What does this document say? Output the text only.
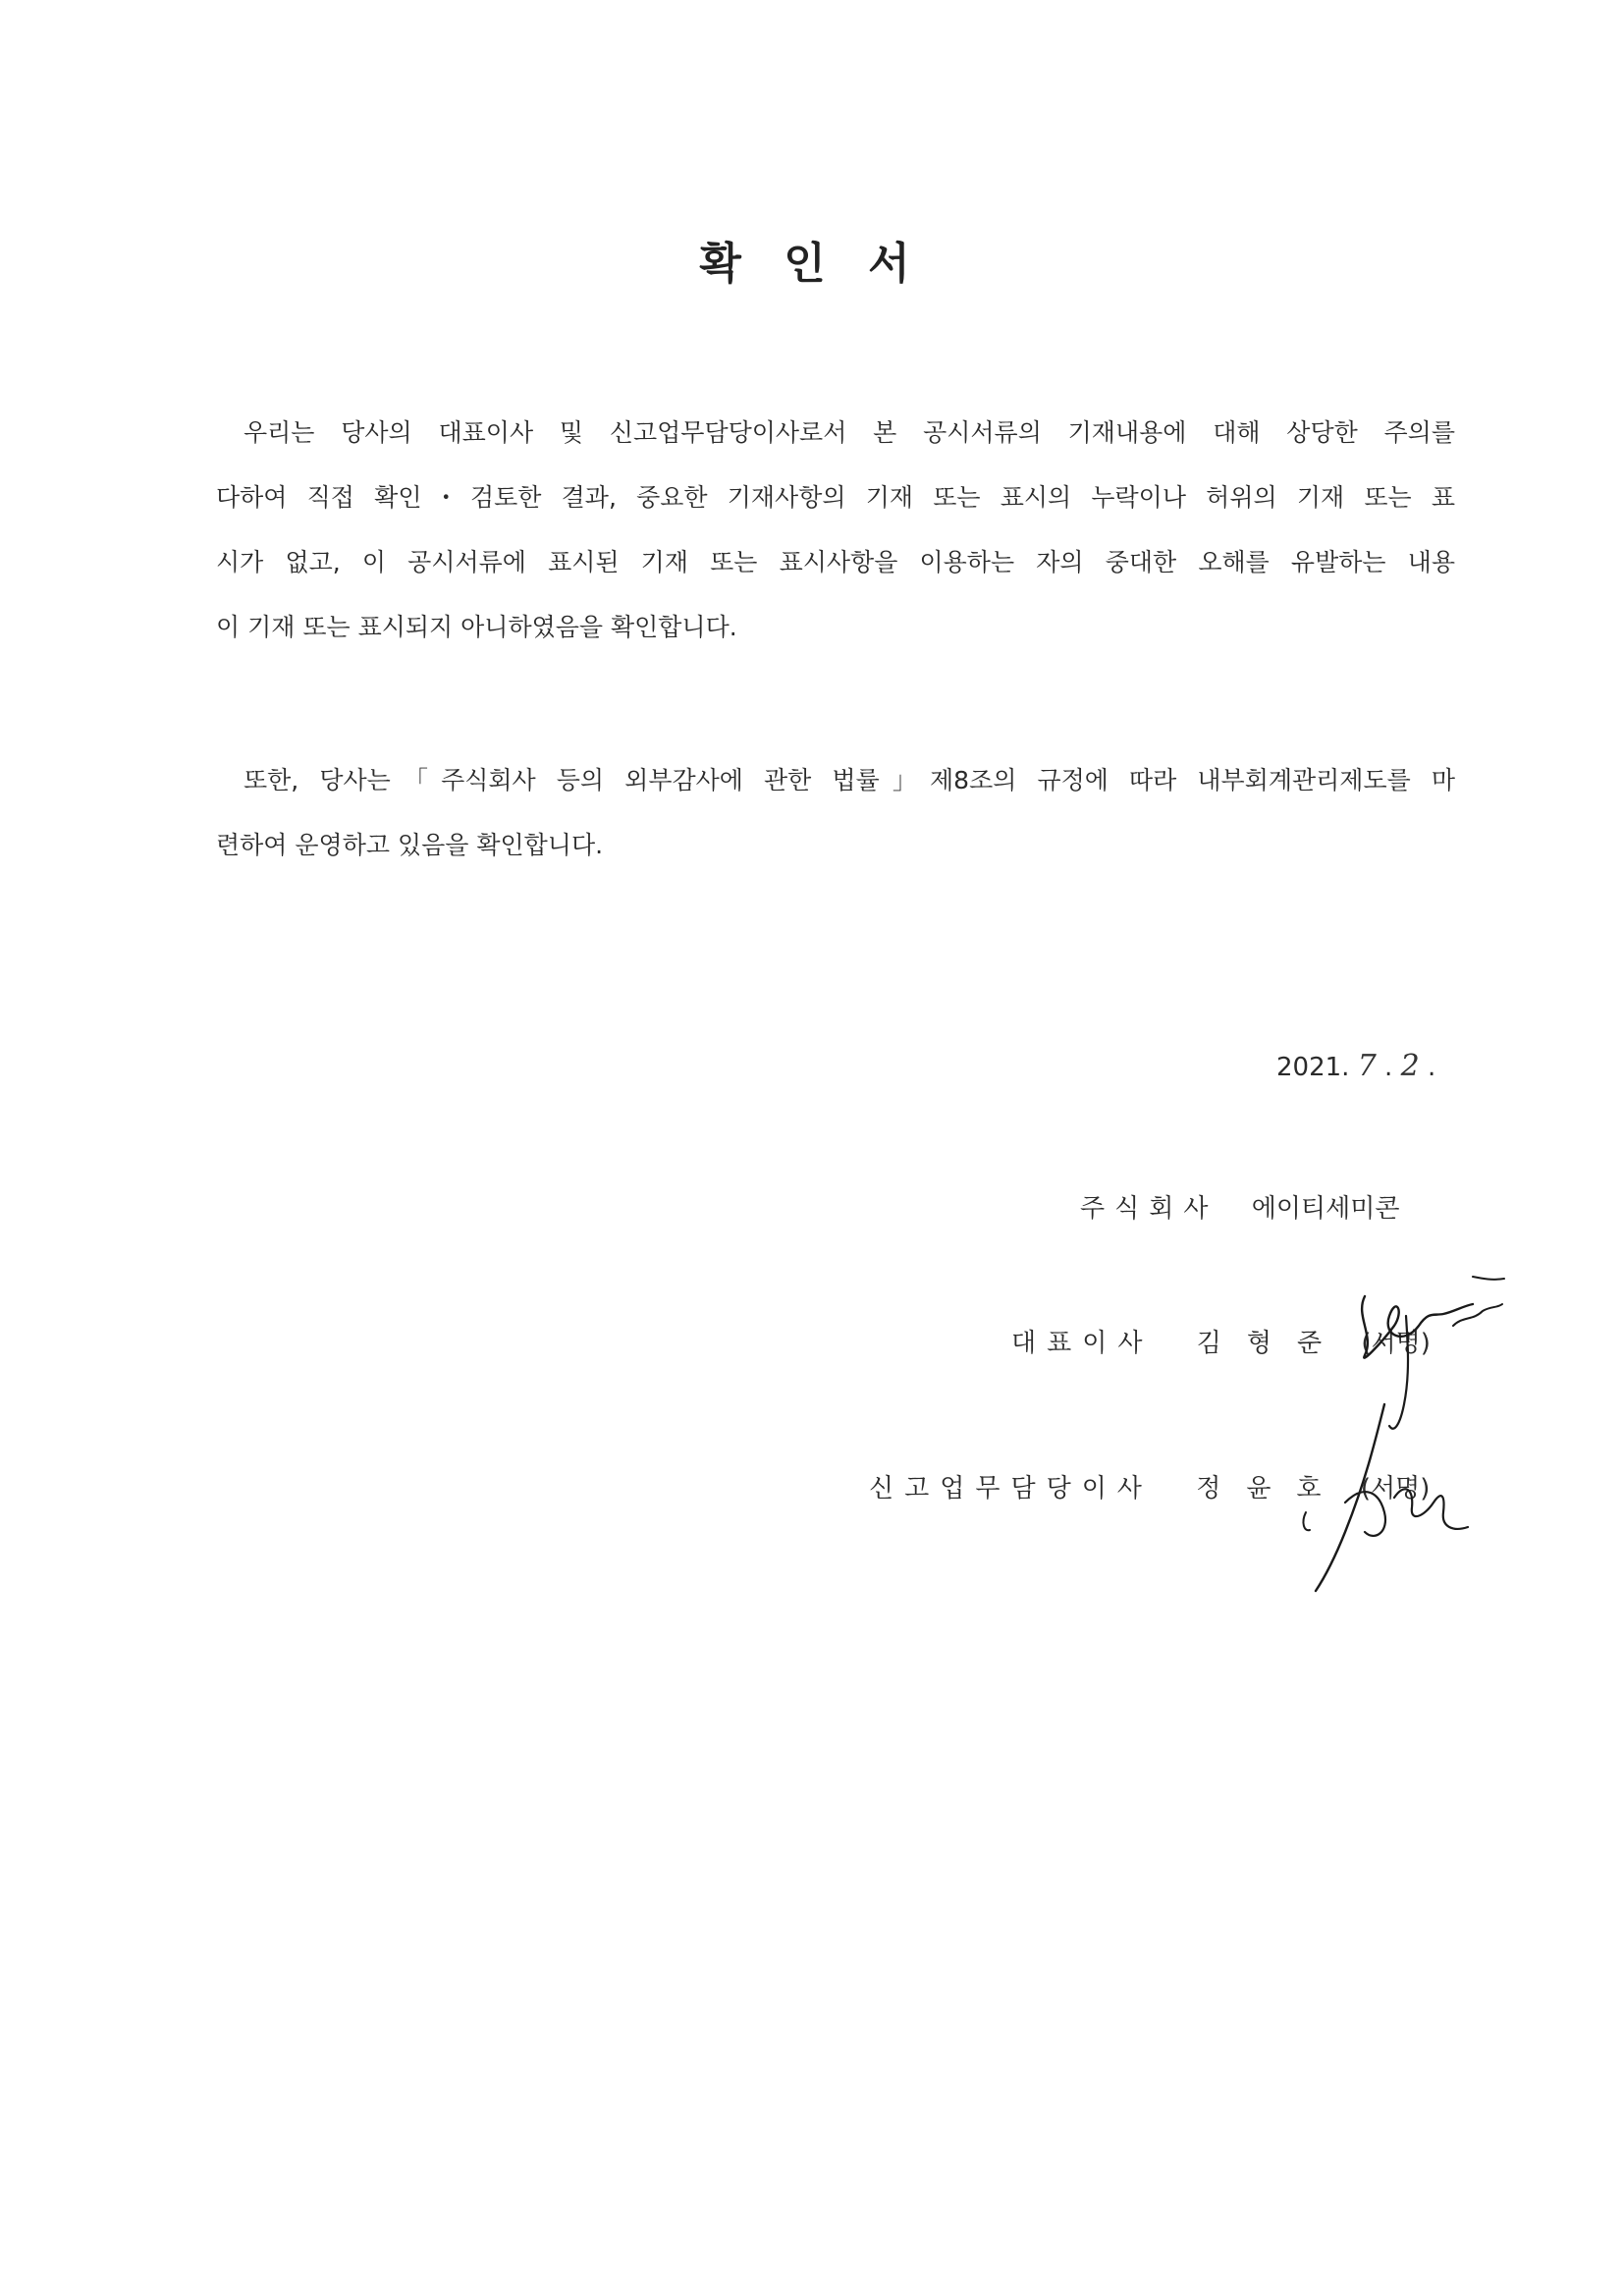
확 인 서
우리는 당사의 대표이사 및 신고업무담당이사로서 본 공시서류의 기재내용에 대해 상당한 주의를
다하여 직접 확인・검토한 결과, 중요한 기재사항의 기재 또는 표시의 누락이나 허위의 기재 또는 표
시가 없고, 이 공시서류에 표시된 기재 또는 표시사항을 이용하는 자의 중대한 오해를 유발하는 내용
이 기재 또는 표시되지 아니하였음을 확인합니다.
또한, 당사는「주식회사 등의 외부감사에 관한 법률」제8조의 규정에 따라 내부회계관리제도를 마
련하여 운영하고 있음을 확인합니다.
2021. 7 . 2 .
주식회사 에이티세미콘
대표이사 김형준 (서명)
신고업무담당이사 정윤호 (서명)
